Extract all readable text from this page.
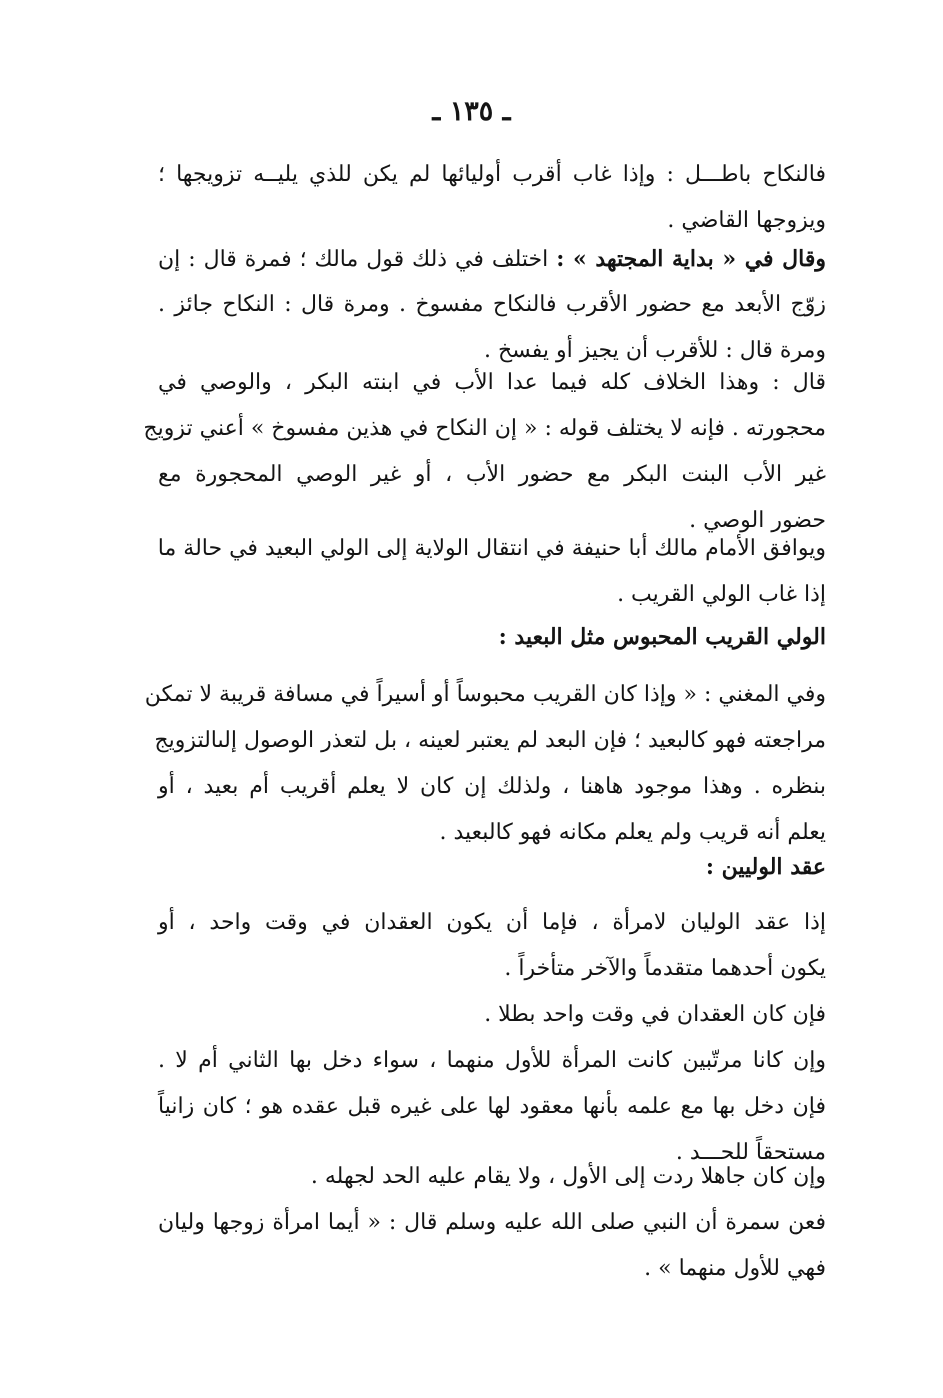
ـ ١٣٥ ـ
فالنكاح باطـــل : وإذا غاب أقرب أوليائها لم يكن للذي يليــه تزويجها ؛
ويزوجها القاضي .
وقال في « بداية المجتهد » : اختلف في ذلك قول مالك ؛ فمرة قال : إن
زوّج الأبعد مع حضور الأقرب فالنكاح مفسوخ . ومرة قال : النكاح جائز .
ومرة قال : للأقرب أن يجيز أو يفسخ .
قال : وهذا الخلاف كله فيما عدا الأب في ابنته البكر ، والوصي في
محجورته . فإنه لا يختلف قوله : « إن النكاح في هذين مفسوخ » أعني تزويج
غير الأب البنت البكر مع حضور الأب ، أو غير الوصي المحجورة مع
حضور الوصي .
ويوافق الأمام مالك أبا حنيفة في انتقال الولاية إلى الولي البعيد في حالة ما
إذا غاب الولي القريب .
الولي القريب المحبوس مثل البعيد :
وفي المغني : « وإذا كان القريب محبوساً أو أسيراً في مسافة قريبة لا تمكن
مراجعته فهو كالبعيد ؛ فإن البعد لم يعتبر لعينه ، بل لتعذر الوصول إلىالتزويج
بنظره . وهذا موجود هاهنا ، ولذلك إن كان لا يعلم أقريب أم بعيد ، أو
يعلم أنه قريب ولم يعلم مكانه فهو كالبعيد .
عقد الوليين :
إذا عقد الوليان لامرأة ، فإما أن يكون العقدان في وقت واحد ، أو
يكون أحدهما متقدماً والآخر متأخراً .
فإن كان العقدان في وقت واحد بطلا .
وإن كانا مرتّبين كانت المرأة للأول منهما ، سواء دخل بها الثاني أم لا .
فإن دخل بها مع علمه بأنها معقود لها على غيره قبل عقده هو ؛ كان زانياً
مستحقاً للحـــد .
وإن كان جاهلا ردت إلى الأول ، ولا يقام عليه الحد لجهله .
فعن سمرة أن النبي صلى الله عليه وسلم قال : « أيما امرأة زوجها وليان
فهي للأول منهما » .
